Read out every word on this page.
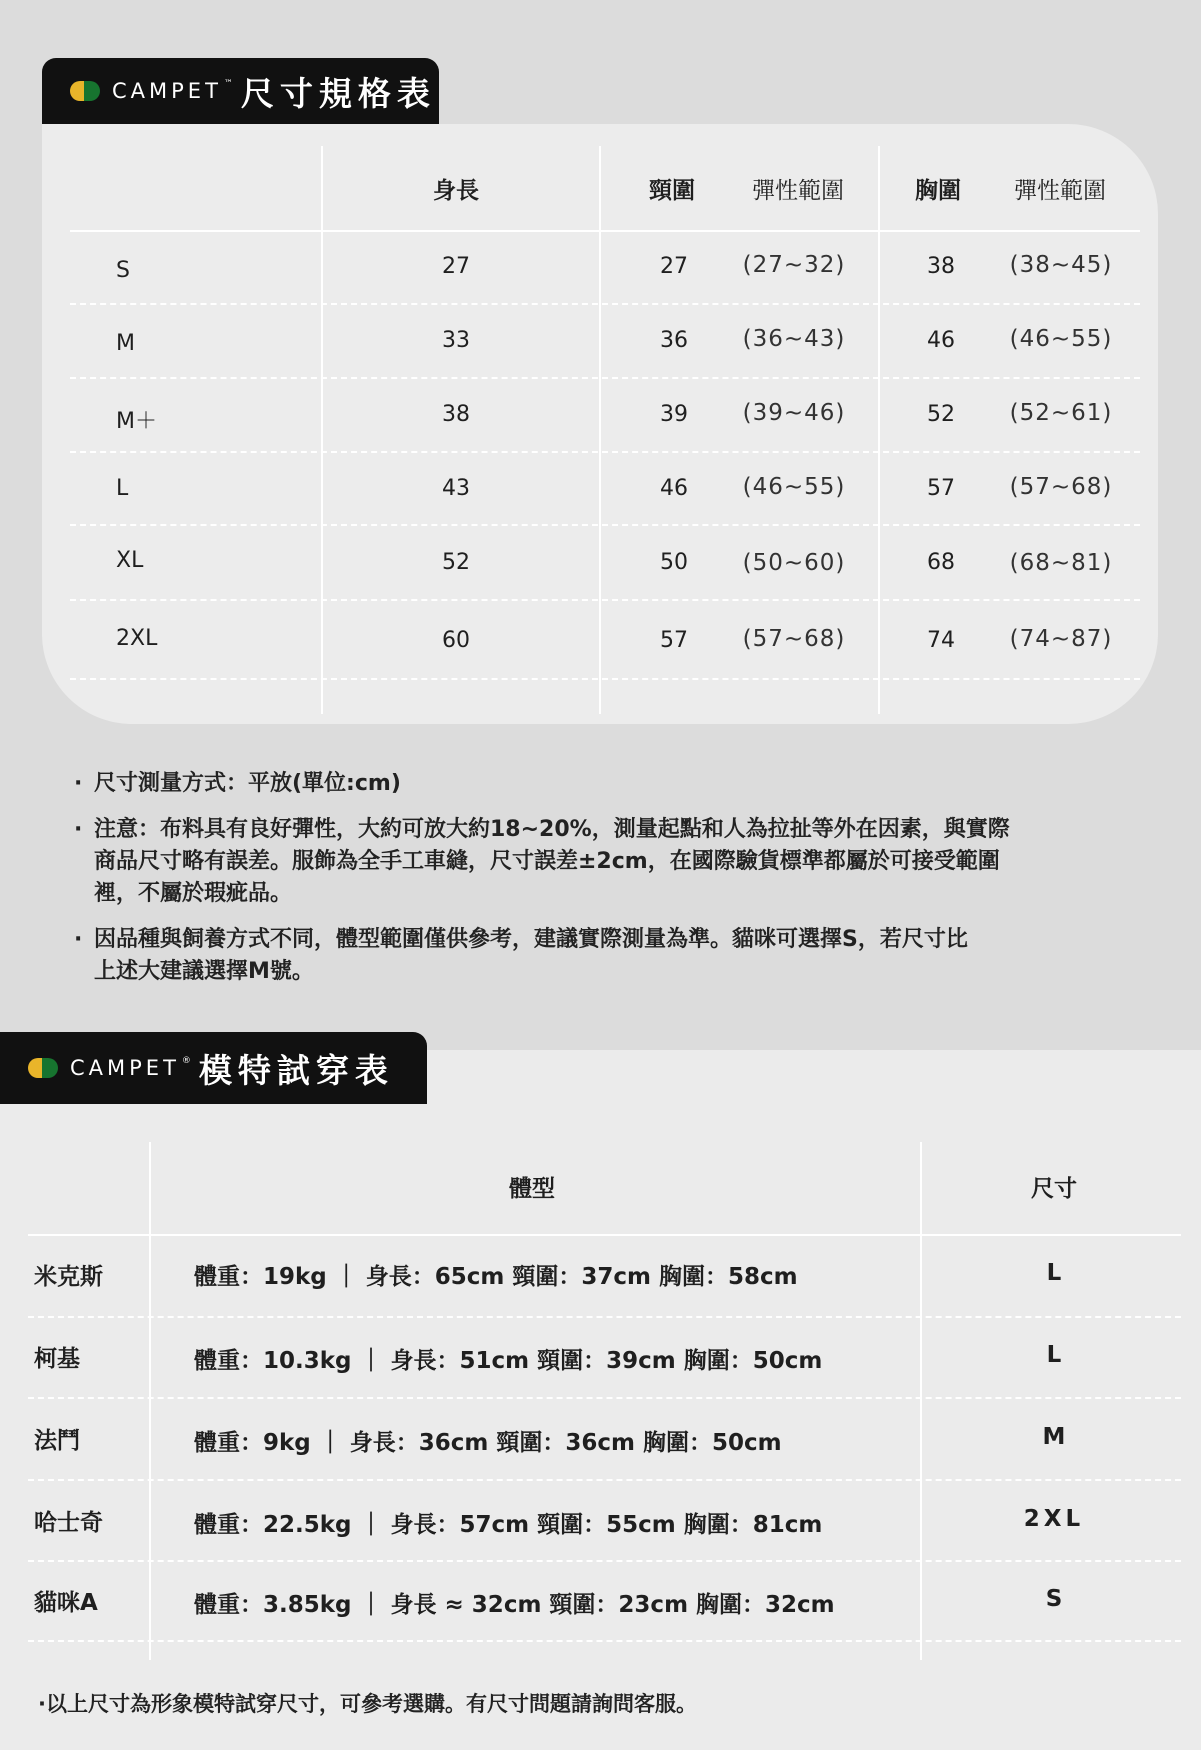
CAMPET ™ 尺寸規格表
身長	頸圍 彈性範圍	胸圍 彈性範圍
S	27	27 (27~32)	38 (38~45)
M	33	36 (36~43)	46 (46~55)
M＋	38	39 (39~46)	52 (52~61)
L	43	46 (46~55)	57 (57~68)
XL	52	50 (50~60)	68 (68~81)
2XL	60	57 (57~68)	74 (74~87)
· 尺寸測量方式：平放(單位:cm)
· 注意：布料具有良好彈性，大約可放大約18~20%，測量起點和人為拉扯等外在因素，與實際
商品尺寸略有誤差。服飾為全手工車縫，尺寸誤差±2cm，在國際驗貨標準都屬於可接受範圍
裡，不屬於瑕疵品。
· 因品種與飼養方式不同，體型範圍僅供參考，建議實際測量為準。貓咪可選擇S，若尺寸比
上述大建議選擇M號。
CAMPET ® 模特試穿表
體型	尺寸
米克斯	體重：19kg ｜ 身長：65cm 頸圍：37cm 胸圍：58cm	L
柯基	體重：10.3kg ｜ 身長：51cm 頸圍：39cm 胸圍：50cm	L
法鬥	體重：9kg ｜ 身長：36cm 頸圍：36cm 胸圍：50cm	M
哈士奇	體重：22.5kg ｜ 身長：57cm 頸圍：55cm 胸圍：81cm	2XL
貓咪A	體重：3.85kg ｜ 身長 ≈ 32cm 頸圍：23cm 胸圍：32cm	S
·以上尺寸為形象模特試穿尺寸，可參考選購。有尺寸問題請詢問客服。
